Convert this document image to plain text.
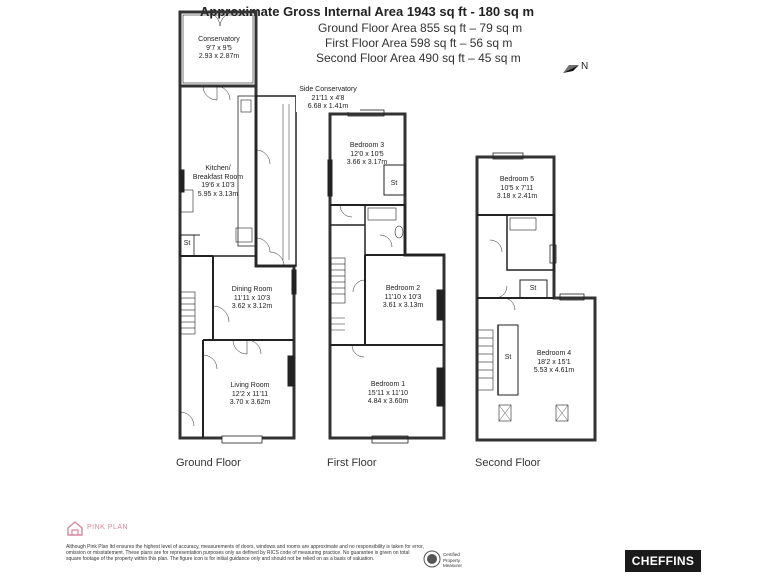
Approximate Gross Internal Area 1943 sq ft - 180 sq m
Ground Floor Area 855 sq ft – 79 sq m
First Floor Area 598 sq ft – 56 sq m
Second Floor Area 490 sq ft – 45 sq m
N
Conservatory
9'7 x 9'5
2.93 x 2.87m
Side Conservatory
21'11 x 4'8
6.68 x 1.41m
Kitchen/
Breakfast Room
19'6 x 10'3
5.95 x 3.13m
St
Dining Room
11'11 x 10'3
3.62 x 3.12m
Living Room
12'2 x 11'11
3.70 x 3.62m
Bedroom 3
12'0 x 10'5
3.66 x 3.17m
St
Bedroom 2
11'10 x 10'3
3.61 x 3.13m
Bedroom 1
15'11 x 11'10
4.84 x 3.60m
Bedroom 5
10'5 x 7'11
3.18 x 2.41m
St
St
Bedroom 4
18'2 x 15'1
5.53 x 4.61m
Ground Floor	First Floor	Second Floor
PINK PLAN
Although Pink Plan ltd ensures the highest level of accuracy, measurements of doors, windows and rooms are approximate and no responsibility is taken for error, omission or misstatement. These plans are for representation purposes only as defined by RICS code of measuring practice. No guarantee is given on total square footage of the property within this plan. The figure icon is for initial guidance only and should not be relied on as a basis of valuation.
Certified
Property
Measurer	CHEFFINS
